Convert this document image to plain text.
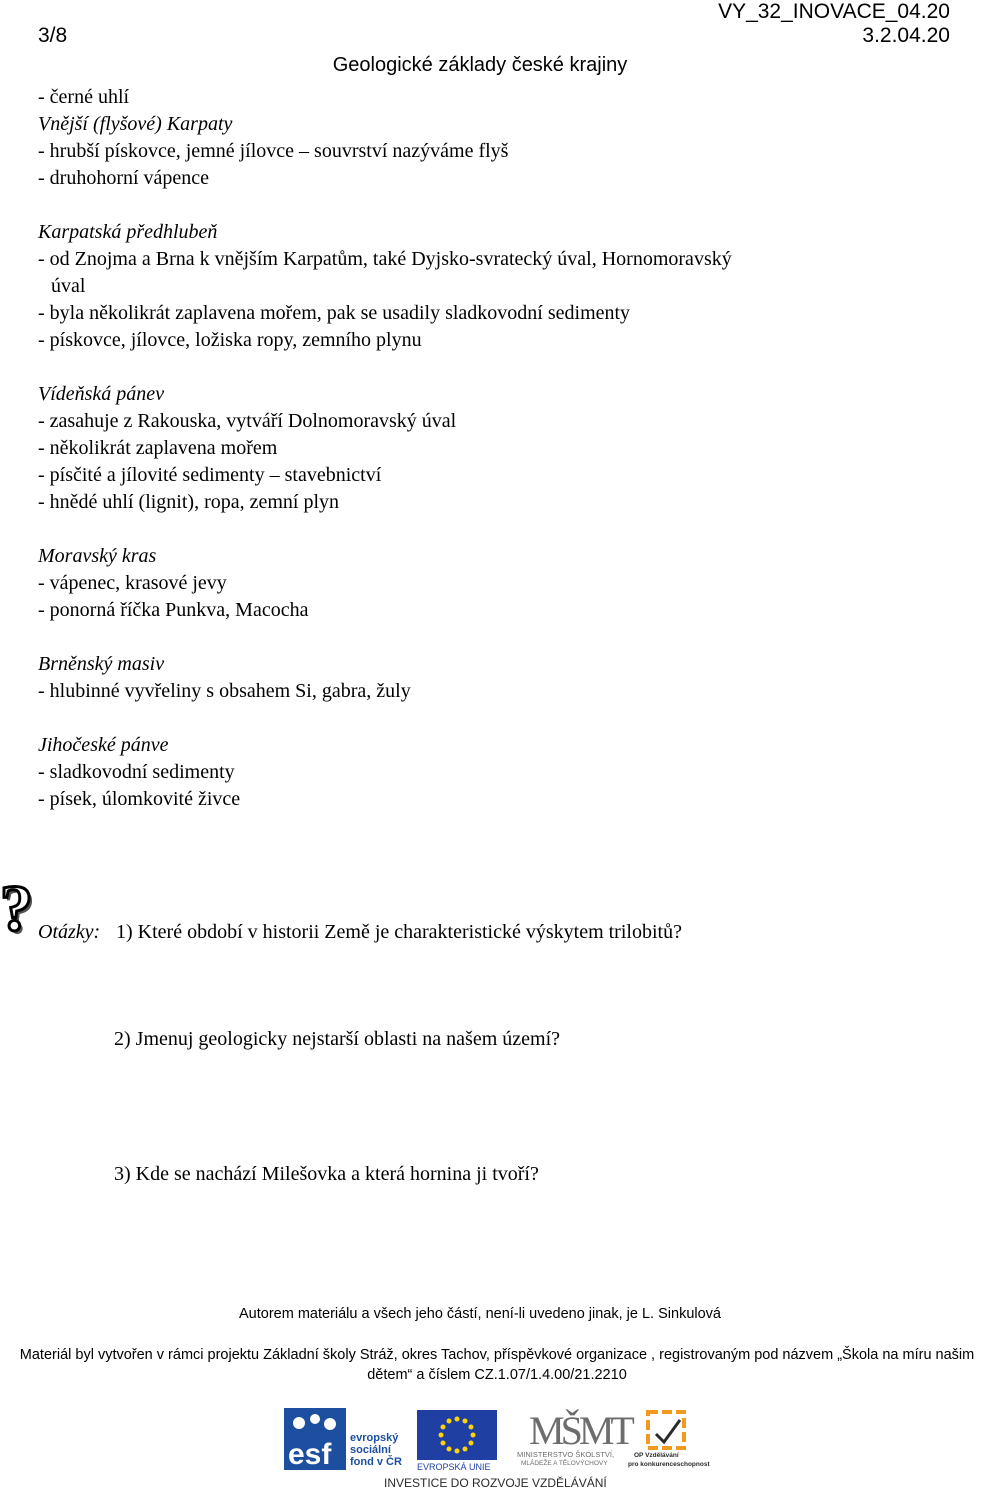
3/8
VY_32_INOVACE_04.20
3.2.04.20
Geologické základy české krajiny
- černé uhlí
Vnější (flyšové) Karpaty
- hrubší pískovce, jemné jílovce – souvrství nazýváme flyš
- druhohorní vápence
Karpatská předhlubeň
- od Znojma a Brna k vnějším Karpatům, také Dyjsko-svratecký úval, Hornomoravský
úval
- byla několikrát zaplavena mořem, pak se usadily sladkovodní sedimenty
- pískovce, jílovce, ložiska ropy, zemního plynu
Vídeňská pánev
- zasahuje z Rakouska, vytváří Dolnomoravský úval
- několikrát zaplavena mořem
- písčité a jílovité sedimenty – stavebnictví
- hnědé uhlí (lignit), ropa, zemní plyn
Moravský kras
- vápenec, krasové jevy
- ponorná říčka Punkva, Macocha
Brněnský masiv
- hlubinné vyvřeliny s obsahem Si, gabra, žuly
Jihočeské pánve
- sladkovodní sedimenty
- písek, úlomkovité živce
? Otázky: 1) Které období v historii Země je charakteristické výskytem trilobitů?
2) Jmenuj geologicky nejstarší oblasti na našem území?
3) Kde se nachází Milešovka a která hornina ji tvoří?
Autorem materiálu a všech jeho částí, není-li uvedeno jinak, je L. Sinkulová
Materiál byl vytvořen v rámci projektu Základní školy Stráž, okres Tachov, příspěvkové organizace , registrovaným pod názvem „Škola na míru našim dětem“ a číslem CZ.1.07/1.4.00/21.2210
esf evropský
sociální
fond v ČR EVROPSKÁ UNIE
MŠMT
MINISTERSTVO ŠKOLSTVÍ,
MLÁDEŽE A TĚLOVÝCHOVY
OP Vzdělávání
pro konkurenceschopnost
INVESTICE DO ROZVOJE VZDĚLÁVÁNÍ
